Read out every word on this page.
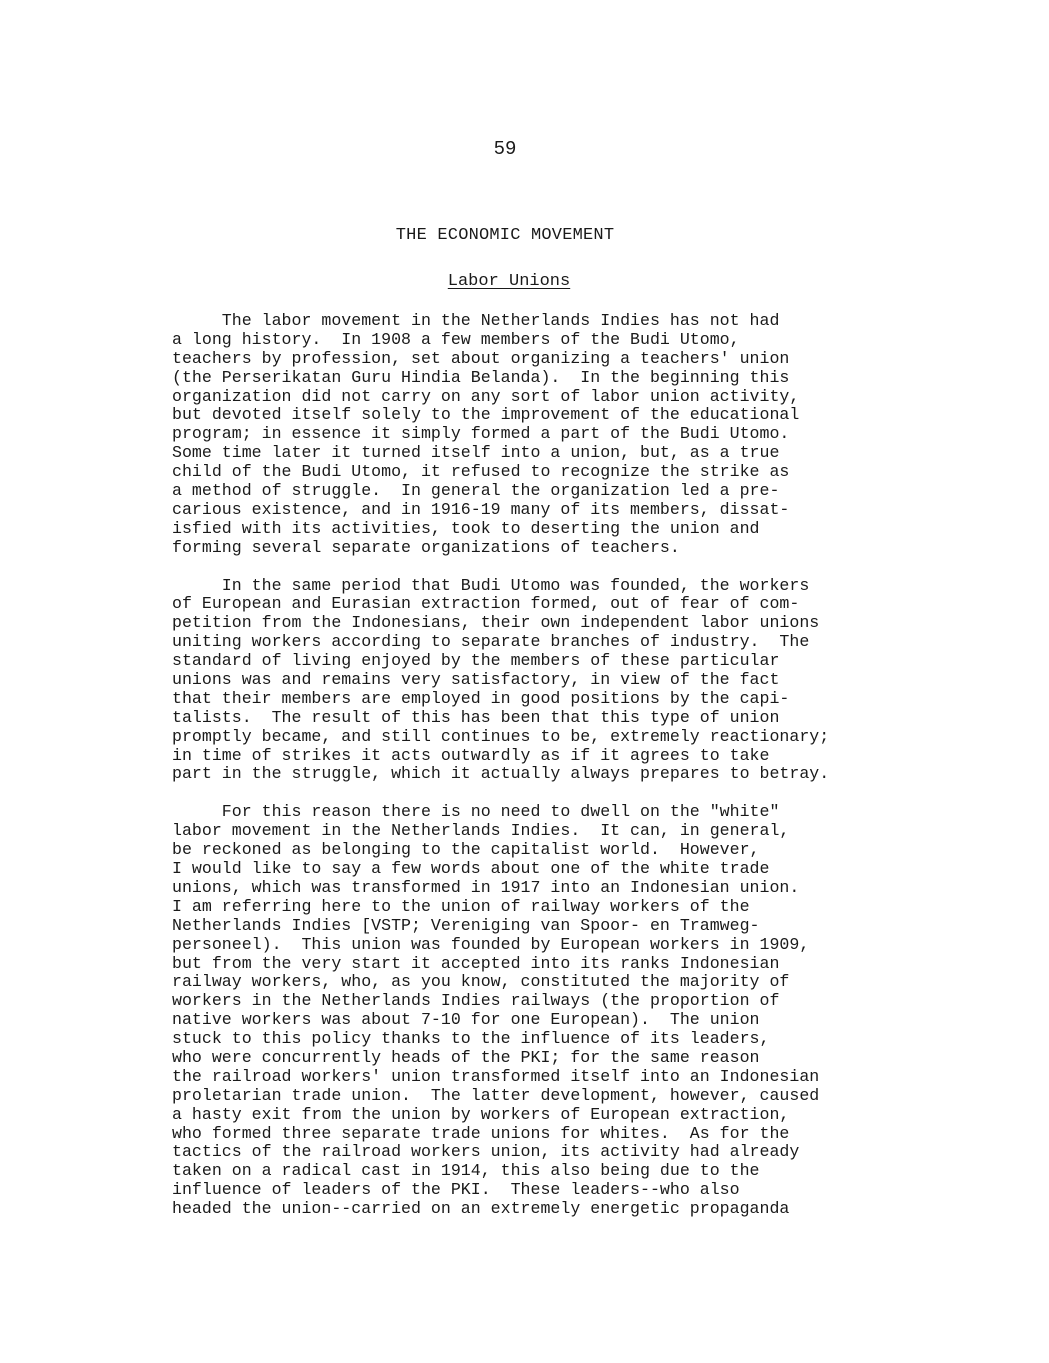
59
THE ECONOMIC MOVEMENT
Labor Unions
The labor movement in the Netherlands Indies has not had
a long history.  In 1908 a few members of the Budi Utomo,
teachers by profession, set about organizing a teachers' union
(the Perserikatan Guru Hindia Belanda).  In the beginning this
organization did not carry on any sort of labor union activity,
but devoted itself solely to the improvement of the educational
program; in essence it simply formed a part of the Budi Utomo.
Some time later it turned itself into a union, but, as a true
child of the Budi Utomo, it refused to recognize the strike as
a method of struggle.  In general the organization led a pre-
carious existence, and in 1916-19 many of its members, dissat-
isfied with its activities, took to deserting the union and
forming several separate organizations of teachers.
In the same period that Budi Utomo was founded, the workers
of European and Eurasian extraction formed, out of fear of com-
petition from the Indonesians, their own independent labor unions
uniting workers according to separate branches of industry.  The
standard of living enjoyed by the members of these particular
unions was and remains very satisfactory, in view of the fact
that their members are employed in good positions by the capi-
talists.  The result of this has been that this type of union
promptly became, and still continues to be, extremely reactionary;
in time of strikes it acts outwardly as if it agrees to take
part in the struggle, which it actually always prepares to betray.
For this reason there is no need to dwell on the "white"
labor movement in the Netherlands Indies.  It can, in general,
be reckoned as belonging to the capitalist world.  However,
I would like to say a few words about one of the white trade
unions, which was transformed in 1917 into an Indonesian union.
I am referring here to the union of railway workers of the
Netherlands Indies [VSTP; Vereniging van Spoor- en Tramweg-
personeel).  This union was founded by European workers in 1909,
but from the very start it accepted into its ranks Indonesian
railway workers, who, as you know, constituted the majority of
workers in the Netherlands Indies railways (the proportion of
native workers was about 7-10 for one European).  The union
stuck to this policy thanks to the influence of its leaders,
who were concurrently heads of the PKI; for the same reason
the railroad workers' union transformed itself into an Indonesian
proletarian trade union.  The latter development, however, caused
a hasty exit from the union by workers of European extraction,
who formed three separate trade unions for whites.  As for the
tactics of the railroad workers union, its activity had already
taken on a radical cast in 1914, this also being due to the
influence of leaders of the PKI.  These leaders--who also
headed the union--carried on an extremely energetic propaganda
